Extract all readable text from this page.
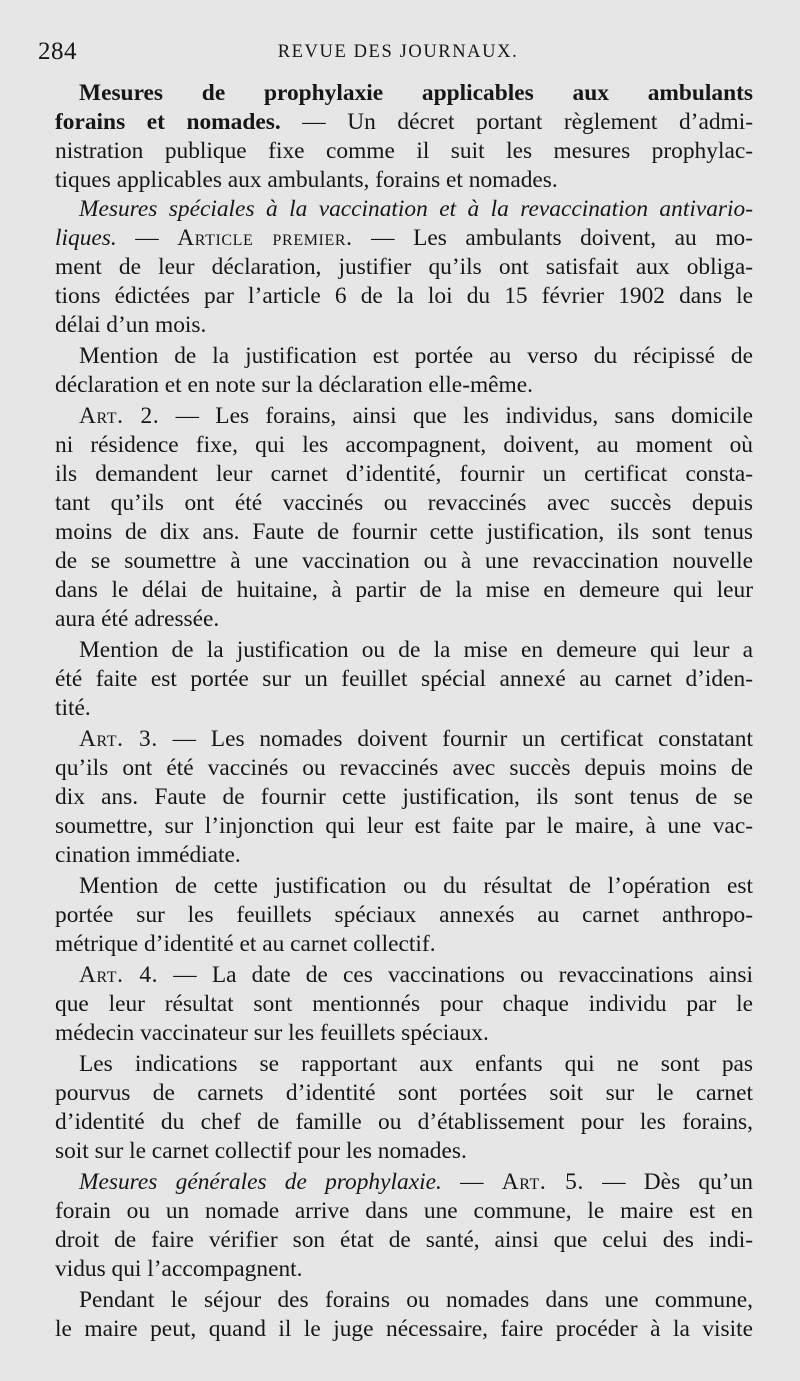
284	REVUE DES JOURNAUX.
Mesures de prophylaxie applicables aux ambulants
forains et nomades. — Un décret portant règlement d’admi-
nistration publique fixe comme il suit les mesures prophylac-
tiques applicables aux ambulants, forains et nomades.
Mesures spéciales à la vaccination et à la revaccination antivario-
liques. — Article premier. — Les ambulants doivent, au mo-
ment de leur déclaration, justifier qu’ils ont satisfait aux obliga-
tions édictées par l’article 6 de la loi du 15 février 1902 dans le
délai d’un mois.
Mention de la justification est portée au verso du récipissé de
déclaration et en note sur la déclaration elle-même.
Art. 2. — Les forains, ainsi que les individus, sans domicile
ni résidence fixe, qui les accompagnent, doivent, au moment où
ils demandent leur carnet d’identité, fournir un certificat consta-
tant qu’ils ont été vaccinés ou revaccinés avec succès depuis
moins de dix ans. Faute de fournir cette justification, ils sont tenus
de se soumettre à une vaccination ou à une revaccination nouvelle
dans le délai de huitaine, à partir de la mise en demeure qui leur
aura été adressée.
Mention de la justification ou de la mise en demeure qui leur a
été faite est portée sur un feuillet spécial annexé au carnet d’iden-
tité.
Art. 3. — Les nomades doivent fournir un certificat constatant
qu’ils ont été vaccinés ou revaccinés avec succès depuis moins de
dix ans. Faute de fournir cette justification, ils sont tenus de se
soumettre, sur l’injonction qui leur est faite par le maire, à une vac-
cination immédiate.
Mention de cette justification ou du résultat de l’opération est
portée sur les feuillets spéciaux annexés au carnet anthropo-
métrique d’identité et au carnet collectif.
Art. 4. — La date de ces vaccinations ou revaccinations ainsi
que leur résultat sont mentionnés pour chaque individu par le
médecin vaccinateur sur les feuillets spéciaux.
Les indications se rapportant aux enfants qui ne sont pas
pourvus de carnets d’identité sont portées soit sur le carnet
d’identité du chef de famille ou d’établissement pour les forains,
soit sur le carnet collectif pour les nomades.
Mesures générales de prophylaxie. — Art. 5. — Dès qu’un
forain ou un nomade arrive dans une commune, le maire est en
droit de faire vérifier son état de santé, ainsi que celui des indi-
vidus qui l’accompagnent.
Pendant le séjour des forains ou nomades dans une commune,
le maire peut, quand il le juge nécessaire, faire procéder à la visite
